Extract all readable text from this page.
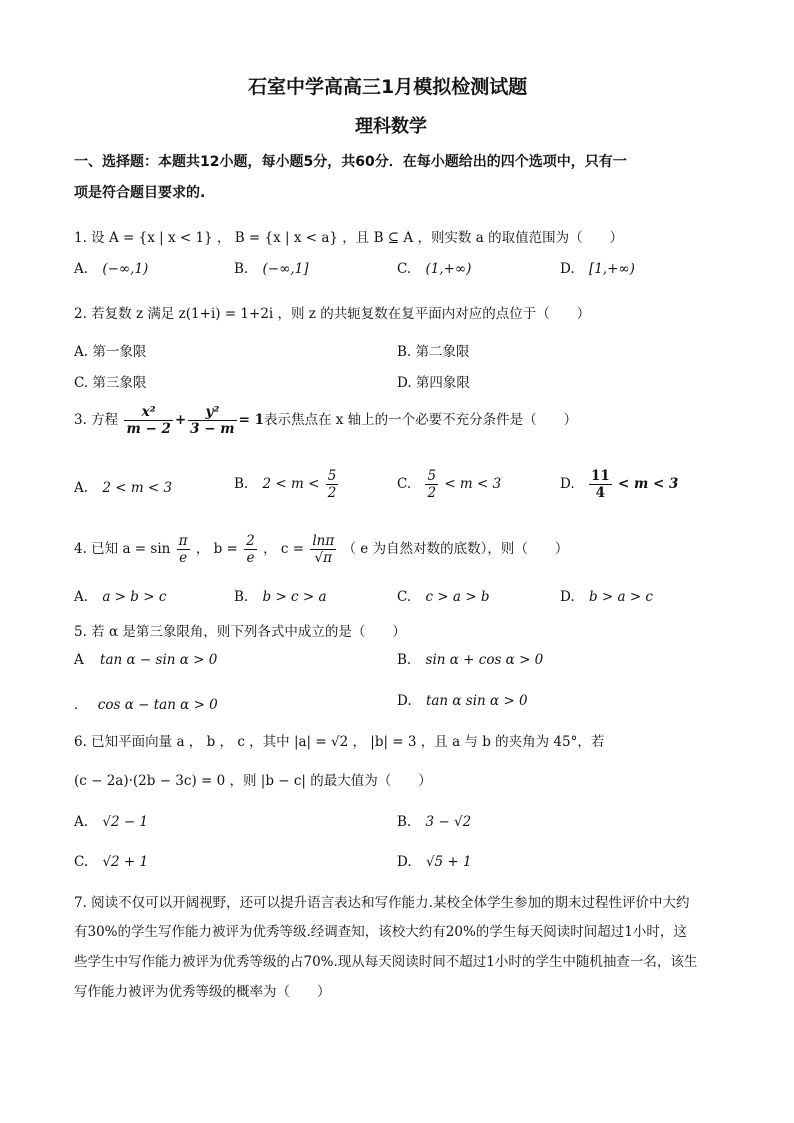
石室中学高高三1月模拟检测试题
理科数学
一、选择题：本题共12小题，每小题5分，共60分．在每小题给出的四个选项中，只有一
项是符合题目要求的.
1. 设 A = {x | x < 1} ， B = {x | x < a} ，且 B ⊆ A ，则实数 a 的取值范围为（　　）
A. (−∞,1)	B. (−∞,1]	C. (1,+∞)	D. [1,+∞)
2. 若复数 z 满足 z(1+i) = 1+2i ，则 z 的共轭复数在复平面内对应的点位于（　　）
A. 第一象限	B. 第二象限
C. 第三象限	D. 第四象限
3. 方程 $\frac{\text{x²}}{m - 2} + \frac{\text{y²}}{3 - m} = 1$表示焦点在 x 轴上的一个必要不充分条件是（　　）
A. 2 < m < 3	B. $2 < m < \frac{5}{2}$	C. $\frac{5}{2} < m < 3$	D. $\frac{11}{4} < m < 3$
4. 已知 $a = \sin \frac{\pi}{e}$ ， $b = \frac{2}{e}$ ， $c = \frac{\ln\pi}{√\pi}$ （ e 为自然对数的底数），则（　　）
A. a > b > c	B. b > c > a	C. c > a > b	D. b > a > c
5. 若 α 是第三象限角，则下列各式中成立的是（　　）
A tan α − sin α > 0	B. sin α + cos α > 0
． cos α − tan α > 0	D. tan α sin α > 0
6. 已知平面向量 a ， b ， c ，其中 |a| = √2 ， |b| = 3 ，且 a 与 b 的夹角为 45°，若
(c − 2a)·(2b − 3c) = 0 ，则 |b − c| 的最大值为（　　）
A. √2 − 1	B. 3 − √2
C. √2 + 1	D. √5 + 1
7. 阅读不仅可以开阔视野，还可以提升语言表达和写作能力.某校全体学生参加的期末过程性评价中大约
有30%的学生写作能力被评为优秀等级.经调查知，该校大约有20%的学生每天阅读时间超过1小时，这
些学生中写作能力被评为优秀等级的占70%.现从每天阅读时间不超过1小时的学生中随机抽查一名，该生
写作能力被评为优秀等级的概率为（　　）
